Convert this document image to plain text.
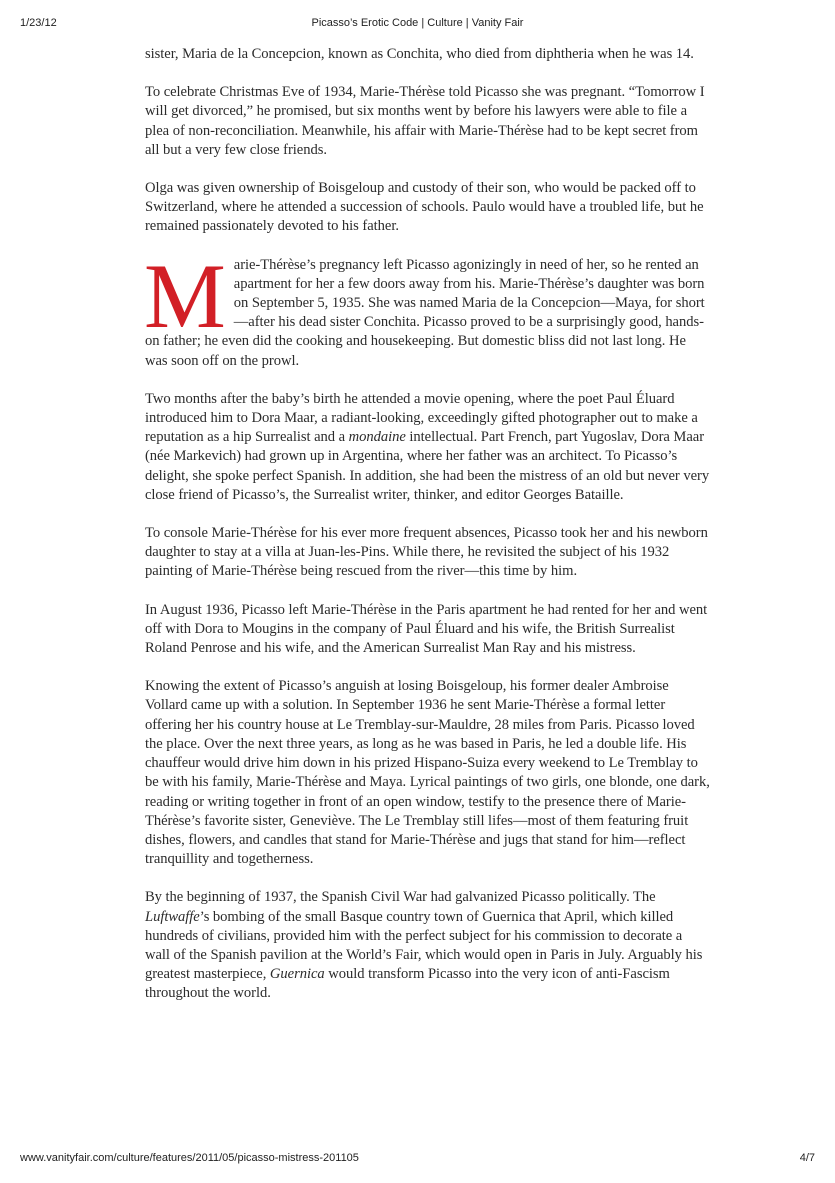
1/23/12	Picasso’s Erotic Code | Culture | Vanity Fair

sister, Maria de la Concepcion, known as Conchita, who died from diphtheria when he was 14.

To celebrate Christmas Eve of 1934, Marie-Thérèse told Picasso she was pregnant. “Tomorrow I will get divorced,” he promised, but six months went by before his lawyers were able to file a plea of non-reconciliation. Meanwhile, his affair with Marie-Thérèse had to be kept secret from all but a very few close friends.

Olga was given ownership of Boisgeloup and custody of their son, who would be packed off to Switzerland, where he attended a succession of schools. Paulo would have a troubled life, but he remained passionately devoted to his father.

Marie-Thérèse’s pregnancy left Picasso agonizingly in need of her, so he rented an apartment for her a few doors away from his. Marie-Thérèse’s daughter was born on September 5, 1935. She was named Maria de la Concepcion—Maya, for short—after his dead sister Conchita. Picasso proved to be a surprisingly good, hands-on father; he even did the cooking and housekeeping. But domestic bliss did not last long. He was soon off on the prowl.

Two months after the baby’s birth he attended a movie opening, where the poet Paul Éluard introduced him to Dora Maar, a radiant-looking, exceedingly gifted photographer out to make a reputation as a hip Surrealist and a mondaine intellectual. Part French, part Yugoslav, Dora Maar (née Markevich) had grown up in Argentina, where her father was an architect. To Picasso’s delight, she spoke perfect Spanish. In addition, she had been the mistress of an old but never very close friend of Picasso’s, the Surrealist writer, thinker, and editor Georges Bataille.

To console Marie-Thérèse for his ever more frequent absences, Picasso took her and his newborn daughter to stay at a villa at Juan-les-Pins. While there, he revisited the subject of his 1932 painting of Marie-Thérèse being rescued from the river—this time by him.

In August 1936, Picasso left Marie-Thérèse in the Paris apartment he had rented for her and went off with Dora to Mougins in the company of Paul Éluard and his wife, the British Surrealist Roland Penrose and his wife, and the American Surrealist Man Ray and his mistress.

Knowing the extent of Picasso’s anguish at losing Boisgeloup, his former dealer Ambroise Vollard came up with a solution. In September 1936 he sent Marie-Thérèse a formal letter offering her his country house at Le Tremblay-sur-Mauldre, 28 miles from Paris. Picasso loved the place. Over the next three years, as long as he was based in Paris, he led a double life. His chauffeur would drive him down in his prized Hispano-Suiza every weekend to Le Tremblay to be with his family, Marie-Thérèse and Maya. Lyrical paintings of two girls, one blonde, one dark, reading or writing together in front of an open window, testify to the presence there of Marie-Thérèse’s favorite sister, Geneviève. The Le Tremblay still lifes—most of them featuring fruit dishes, flowers, and candles that stand for Marie-Thérèse and jugs that stand for him—reflect tranquillity and togetherness.

By the beginning of 1937, the Spanish Civil War had galvanized Picasso politically. The Luftwaffe’s bombing of the small Basque country town of Guernica that April, which killed hundreds of civilians, provided him with the perfect subject for his commission to decorate a wall of the Spanish pavilion at the World’s Fair, which would open in Paris in July. Arguably his greatest masterpiece, Guernica would transform Picasso into the very icon of anti-Fascism throughout the world.

www.vanityfair.com/culture/features/2011/05/picasso-mistress-201105	4/7
